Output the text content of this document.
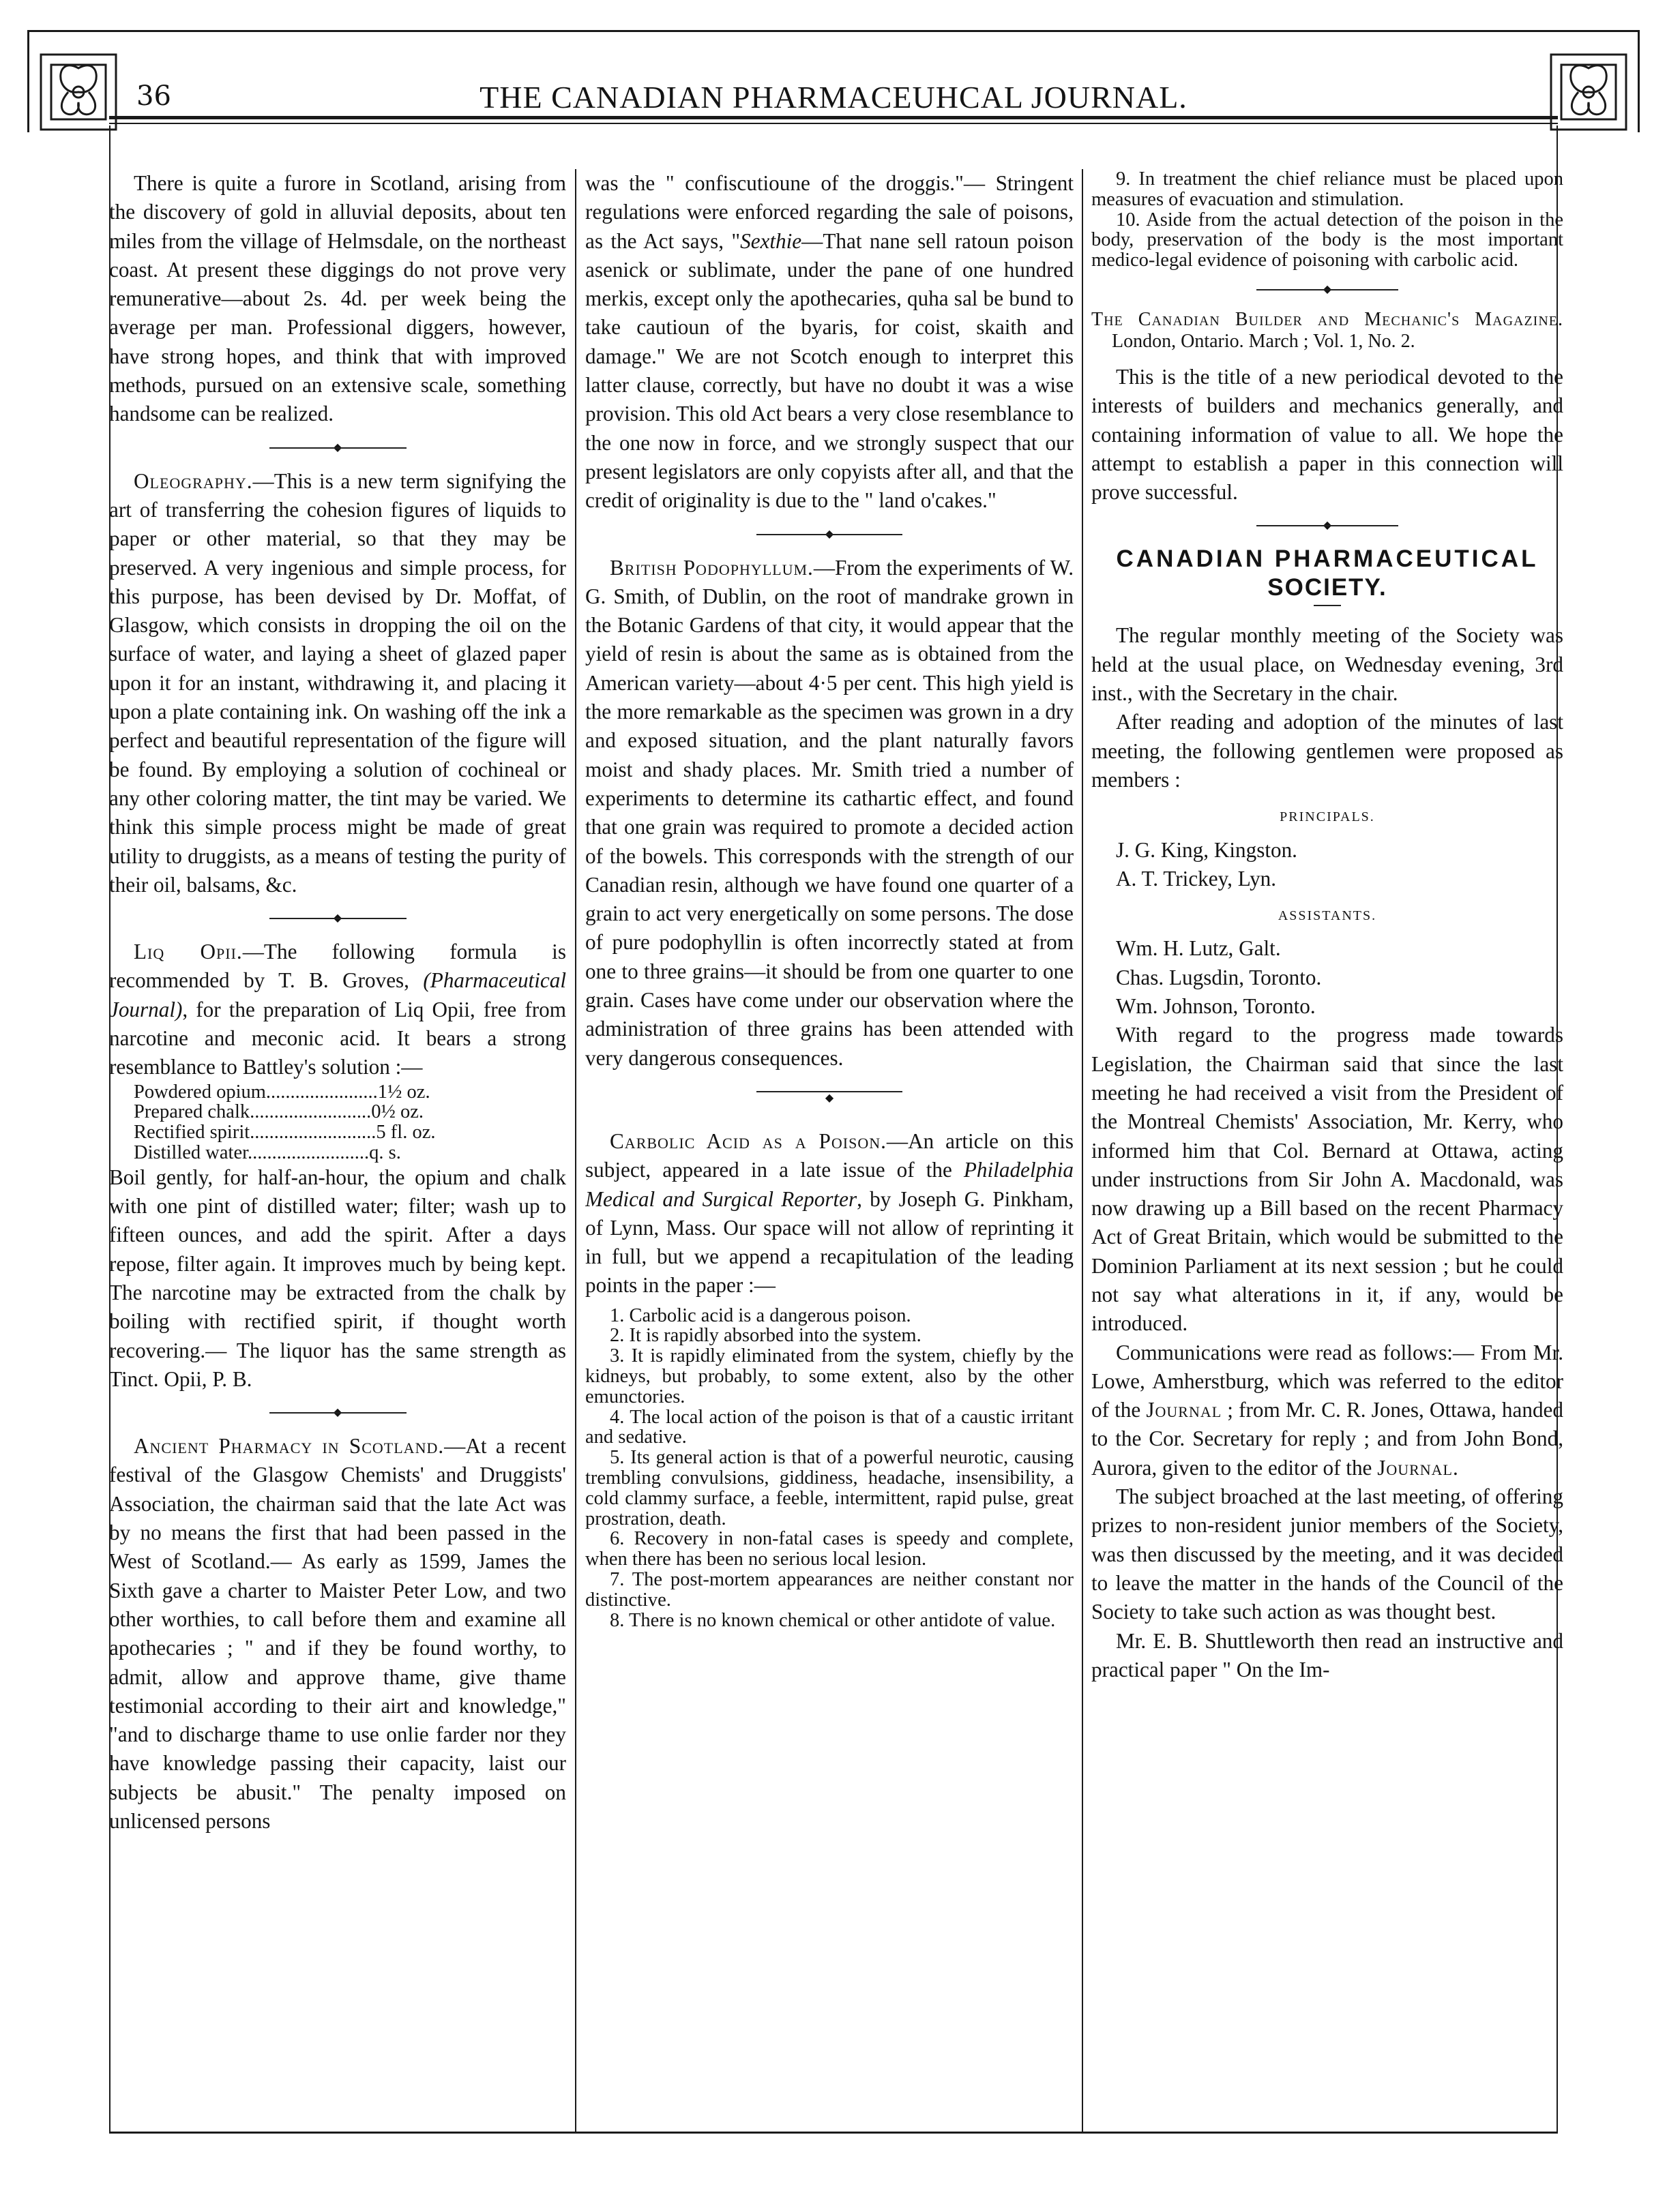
36	THE CANADIAN PHARMACEUHCAL JOURNAL.

There is quite a furore in Scotland, arising from the discovery of gold in alluvial deposits, about ten miles from the village of Helmsdale, on the northeast coast. At present these diggings do not prove very remunerative—about 2s. 4d. per week being the average per man. Professional diggers, however, have strong hopes, and think that with improved methods, pursued on an extensive scale, something handsome can be realized.

◆

Oleography.—This is a new term signifying the art of transferring the cohesion figures of liquids to paper or other material, so that they may be preserved. A very ingenious and simple process, for this purpose, has been devised by Dr. Moffat, of Glasgow, which consists in dropping the oil on the surface of water, and laying a sheet of glazed paper upon it for an instant, withdrawing it, and placing it upon a plate containing ink. On washing off the ink a perfect and beautiful representation of the figure will be found. By employing a solution of cochineal or any other coloring matter, the tint may be varied. We think this simple process might be made of great utility to druggists, as a means of testing the purity of their oil, balsams, &c.

◆

Liq Opii.—The following formula is recommended by T. B. Groves, (Pharmaceutical Journal), for the preparation of Liq Opii, free from narcotine and meconic acid. It bears a strong resemblance to Battley's solution :—

Powdered opium.......................1½ oz.
Prepared chalk.........................0½ oz.
Rectified spirit..........................5 fl. oz.
Distilled water.........................q. s.

Boil gently, for half-an-hour, the opium and chalk with one pint of distilled water; filter; wash up to fifteen ounces, and add the spirit. After a days repose, filter again. It improves much by being kept. The narcotine may be extracted from the chalk by boiling with rectified spirit, if thought worth recovering.— The liquor has the same strength as Tinct. Opii, P. B.

◆

Ancient Pharmacy in Scotland.—At a recent festival of the Glasgow Chemists' and Druggists' Association, the chairman said that the late Act was by no means the first that had been passed in the West of Scotland.— As early as 1599, James the Sixth gave a charter to Maister Peter Low, and two other worthies, to call before them and examine all apothecaries ; " and if they be found worthy, to admit, allow and approve thame, give thame testimonial according to their airt and knowledge," "and to discharge thame to use onlie farder nor they have knowledge passing their capacity, laist our subjects be abusit." The penalty imposed on unlicensed persons

was the " confiscutioune of the droggis."— Stringent regulations were enforced regarding the sale of poisons, as the Act says, "Sexthie—That nane sell ratoun poison asenick or sublimate, under the pane of one hundred merkis, except only the apothecaries, quha sal be bund to take cautioun of the byaris, for coist, skaith and damage." We are not Scotch enough to interpret this latter clause, correctly, but have no doubt it was a wise provision. This old Act bears a very close resemblance to the one now in force, and we strongly suspect that our present legislators are only copyists after all, and that the credit of originality is due to the " land o'cakes."

◆

British Podophyllum.—From the experiments of W. G. Smith, of Dublin, on the root of mandrake grown in the Botanic Gardens of that city, it would appear that the yield of resin is about the same as is obtained from the American variety—about 4·5 per cent. This high yield is the more remarkable as the specimen was grown in a dry and exposed situation, and the plant naturally favors moist and shady places. Mr. Smith tried a number of experiments to determine its cathartic effect, and found that one grain was required to promote a decided action of the bowels. This corresponds with the strength of our Canadian resin, although we have found one quarter of a grain to act very energetically on some persons. The dose of pure podophyllin is often incorrectly stated at from one to three grains—it should be from one quarter to one grain. Cases have come under our observation where the administration of three grains has been attended with very dangerous consequences.

◆

Carbolic Acid as a Poison.—An article on this subject, appeared in a late issue of the Philadelphia Medical and Surgical Reporter, by Joseph G. Pinkham, of Lynn, Mass. Our space will not allow of reprinting it in full, but we append a recapitulation of the leading points in the paper :—

1. Carbolic acid is a dangerous poison.

2. It is rapidly absorbed into the system.

3. It is rapidly eliminated from the system, chiefly by the kidneys, but probably, to some extent, also by the other emunctories.

4. The local action of the poison is that of a caustic irritant and sedative.

5. Its general action is that of a powerful neurotic, causing trembling convulsions, giddiness, headache, insensibility, a cold clammy surface, a feeble, intermittent, rapid pulse, great prostration, death.

6. Recovery in non-fatal cases is speedy and complete, when there has been no serious local lesion.

7. The post-mortem appearances are neither constant nor distinctive.

8. There is no known chemical or other antidote of value.

9. In treatment the chief reliance must be placed upon measures of evacuation and stimulation.

10. Aside from the actual detection of the poison in the body, preservation of the body is the most important medico-legal evidence of poisoning with carbolic acid.

◆

The Canadian Builder and Mechanic's Magazine. London, Ontario. March ; Vol. 1, No. 2.

This is the title of a new periodical devoted to the interests of builders and mechanics generally, and containing information of value to all. We hope the attempt to establish a paper in this connection will prove successful.

◆
CANADIAN PHARMACEUTICAL
SOCIETY.

The regular monthly meeting of the Society was held at the usual place, on Wednesday evening, 3rd inst., with the Secretary in the chair.

After reading and adoption of the minutes of last meeting, the following gentlemen were proposed as members :

PRINCIPALS.

J. G. King, Kingston.

A. T. Trickey, Lyn.

ASSISTANTS.

Wm. H. Lutz, Galt.

Chas. Lugsdin, Toronto.

Wm. Johnson, Toronto.

With regard to the progress made towards Legislation, the Chairman said that since the last meeting he had received a visit from the President of the Montreal Chemists' Association, Mr. Kerry, who informed him that Col. Bernard at Ottawa, acting under instructions from Sir John A. Macdonald, was now drawing up a Bill based on the recent Pharmacy Act of Great Britain, which would be submitted to the Dominion Parliament at its next session ; but he could not say what alterations in it, if any, would be introduced.

Communications were read as follows:— From Mr. Lowe, Amherstburg, which was referred to the editor of the Journal ; from Mr. C. R. Jones, Ottawa, handed to the Cor. Secretary for reply ; and from John Bond, Aurora, given to the editor of the Journal.

The subject broached at the last meeting, of offering prizes to non-resident junior members of the Society, was then discussed by the meeting, and it was decided to leave the matter in the hands of the Council of the Society to take such action as was thought best.

Mr. E. B. Shuttleworth then read an instructive and practical paper " On the Im-
